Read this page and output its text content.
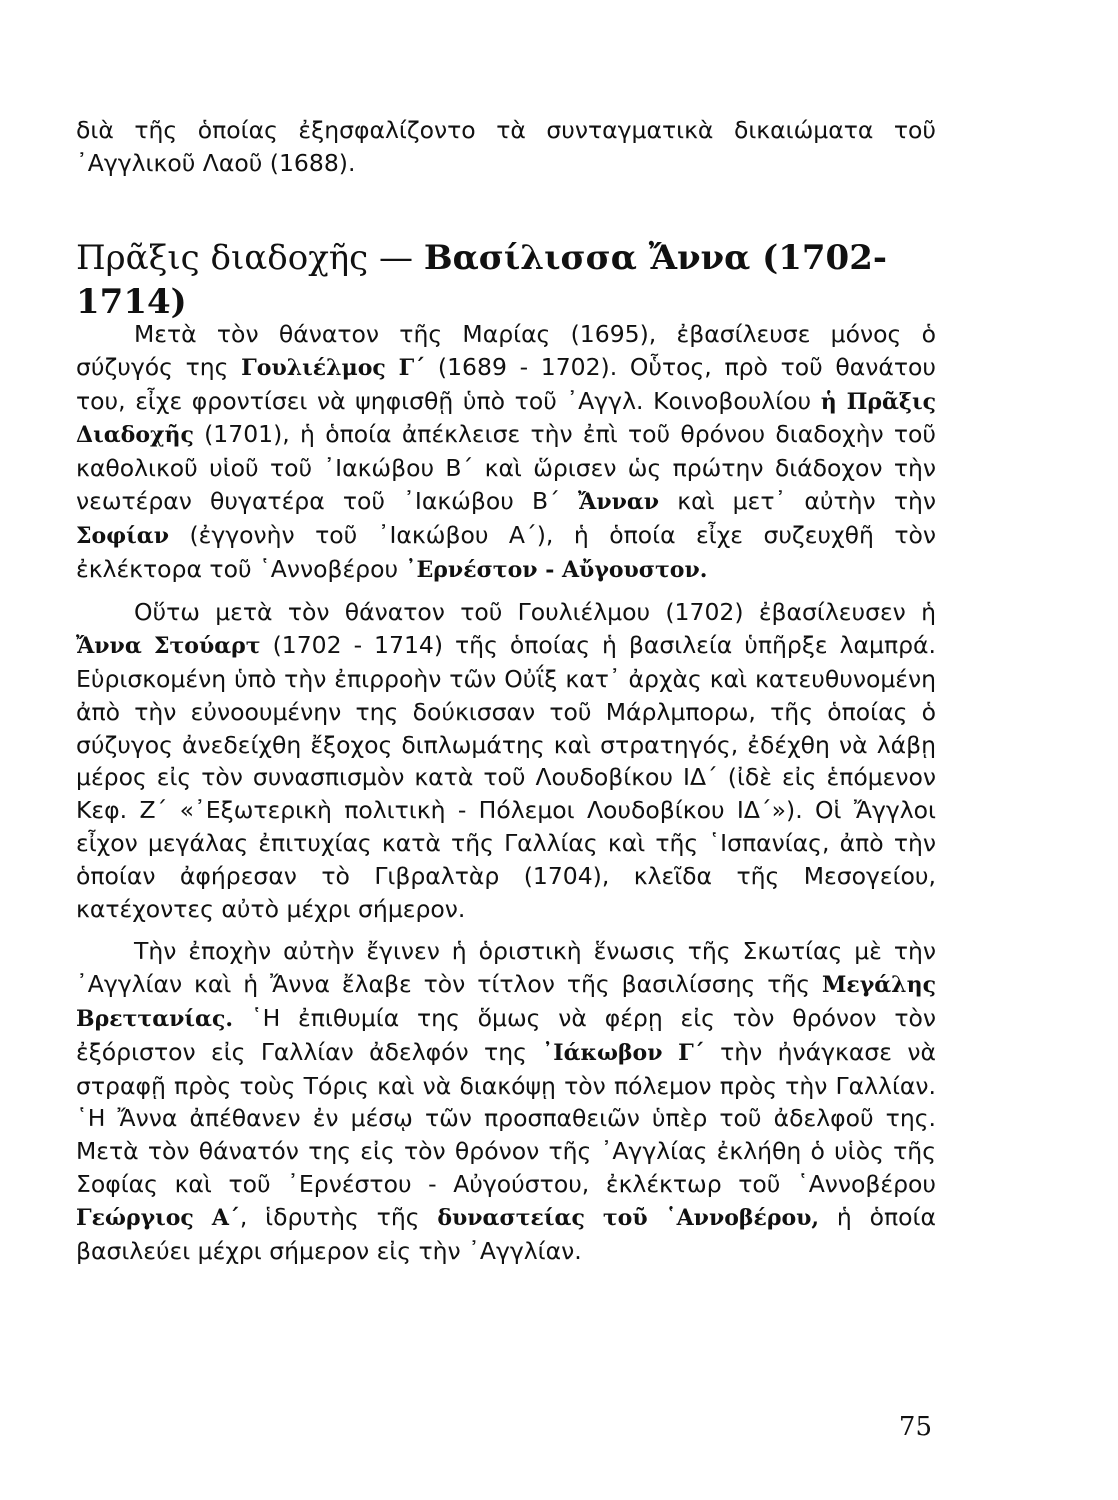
διὰ τῆς ὁποίας ἐξησφαλίζοντο τὰ συνταγματικὰ δικαιώματα τοῦ ᾿Αγγλικοῦ Λαοῦ (1688).

Πρᾶξις διαδοχῆς — Βασίλισσα Ἄννα (1702-1714)

Μετὰ τὸν θάνατον τῆς Μαρίας (1695), ἐβασίλευσε μόνος ὁ σύζυγός της Γουλιέλμος Γ΄ (1689 - 1702). Οὗτος, πρὸ τοῦ θανάτου του, εἶχε φροντίσει νὰ ψηφισθῇ ὑπὸ τοῦ ᾿Αγγλ. Κοινοβουλίου ἡ Πρᾶξις Διαδοχῆς (1701), ἡ ὁποία ἀπέκλεισε τὴν ἐπὶ τοῦ θρόνου διαδοχὴν τοῦ καθολικοῦ υἱοῦ τοῦ ᾿Ιακώβου Β΄ καὶ ὥρισεν ὡς πρώτην διάδοχον τὴν νεωτέραν θυγατέρα τοῦ ᾿Ιακώβου Β΄ Ἄνναν καὶ μετ᾿ αὐτὴν τὴν Σοφίαν (ἐγγονὴν τοῦ ᾿Ιακώβου Α΄), ἡ ὁποία εἶχε συζευχθῆ τὸν ἐκλέκτορα τοῦ ῾Αννοβέρου ᾿Ερνέστον - Αὔγουστον.

Οὕτω μετὰ τὸν θάνατον τοῦ Γουλιέλμου (1702) ἐβασίλευσεν ἡ Ἄννα Στούαρτ (1702 - 1714) τῆς ὁποίας ἡ βασιλεία ὑπῆρξε λαμπρά. Εὑρισκομένη ὑπὸ τὴν ἐπιρροὴν τῶν Οὐΐξ κατ᾿ ἀρχὰς καὶ κατευθυνομένη ἀπὸ τὴν εὐνοουμένην της δούκισσαν τοῦ Μάρλμπορω, τῆς ὁποίας ὁ σύζυγος ἀνεδείχθη ἔξοχος διπλωμάτης καὶ στρατηγός, ἐδέχθη νὰ λάβῃ μέρος εἰς τὸν συνασπισμὸν κατὰ τοῦ Λουδοβίκου ΙΔ΄ (ἰδὲ εἰς ἑπόμενον Κεφ. Ζ΄ «᾿Εξωτερικὴ πολιτικὴ - Πόλεμοι Λουδοβίκου ΙΔ΄»). Οἱ Ἄγγλοι εἶχον μεγάλας ἐπιτυχίας κατὰ τῆς Γαλλίας καὶ τῆς ῾Ισπανίας, ἀπὸ τὴν ὁποίαν ἀφήρεσαν τὸ Γιβραλτὰρ (1704), κλεῖδα τῆς Μεσογείου, κατέχοντες αὐτὸ μέχρι σήμερον.

Τὴν ἐποχὴν αὐτὴν ἔγινεν ἡ ὁριστικὴ ἕνωσις τῆς Σκωτίας μὲ τὴν ᾿Αγγλίαν καὶ ἡ Ἄννα ἔλαβε τὸν τίτλον τῆς βασιλίσσης τῆς Μεγάλης Βρεττανίας. ῾Η ἐπιθυμία της ὅμως νὰ φέρῃ εἰς τὸν θρόνον τὸν ἐξόριστον εἰς Γαλλίαν ἀδελφόν της ᾿Ιάκωβον Γ΄ τὴν ἠνάγκασε νὰ στραφῇ πρὸς τοὺς Τόρις καὶ νὰ διακόψῃ τὸν πόλεμον πρὸς τὴν Γαλλίαν. ῾Η Ἄννα ἀπέθανεν ἐν μέσῳ τῶν προσπαθειῶν ὑπὲρ τοῦ ἀδελφοῦ της. Μετὰ τὸν θάνατόν της εἰς τὸν θρόνον τῆς ᾿Αγγλίας ἐκλήθη ὁ υἱὸς τῆς Σοφίας καὶ τοῦ ᾿Ερνέστου - Αὐγούστου, ἐκλέκτωρ τοῦ ῾Αννοβέρου Γεώργιος Α΄, ἱδρυτὴς τῆς δυναστείας τοῦ ῾Αννοβέρου, ἡ ὁποία βασιλεύει μέχρι σήμερον εἰς τὴν ᾿Αγγλίαν.

75
